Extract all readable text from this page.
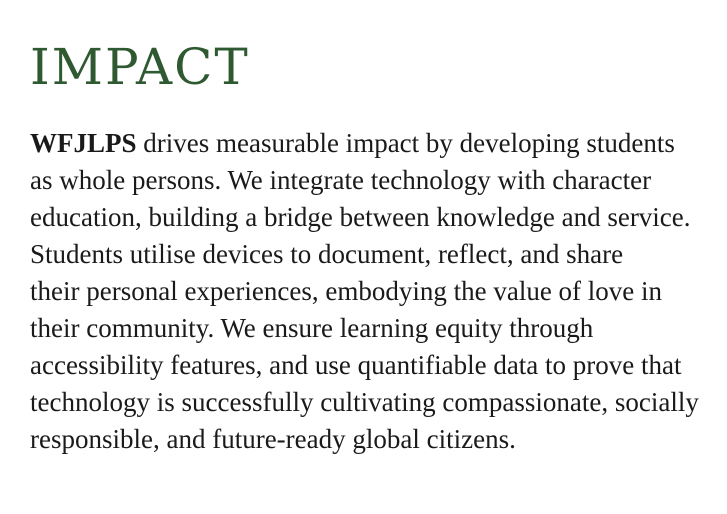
IMPACT
WFJLPS drives measurable impact by developing students
as whole persons. We integrate technology with character
education, building a bridge between knowledge and service.
Students utilise devices to document, reflect, and share
their personal experiences, embodying the value of love in
their community. We ensure learning equity through
accessibility features, and use quantifiable data to prove that
technology is successfully cultivating compassionate, socially
responsible, and future-ready global citizens.
